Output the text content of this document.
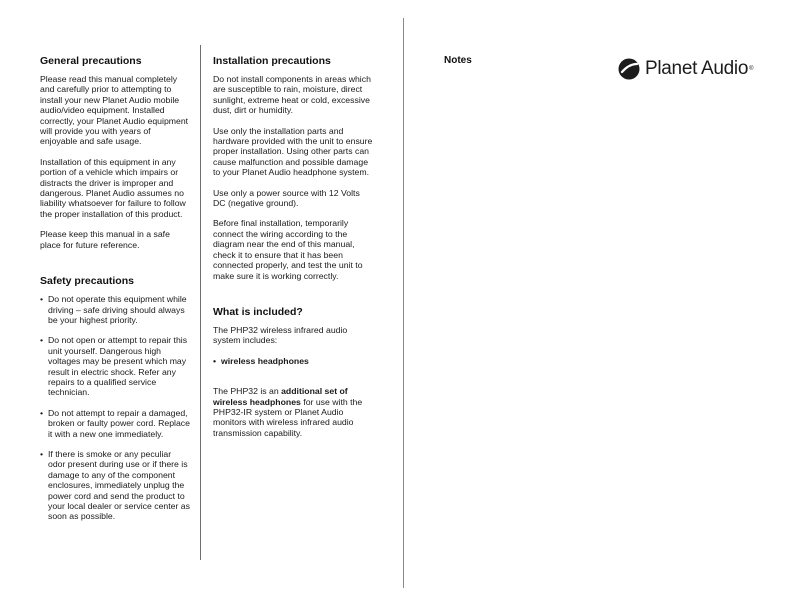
General precautions

Please read this manual completely and carefully prior to attempting to install your new Planet Audio mobile audio/video equipment. Installed correctly, your Planet Audio equipment will provide you with years of enjoyable and safe usage.

Installation of this equipment in any portion of a vehicle which impairs or distracts the driver is improper and dangerous. Planet Audio assumes no liability whatsoever for failure to follow the proper installation of this product.

Please keep this manual in a safe place for future reference.

Safety precautions
• Do not operate this equipment while driving – safe driving should always be your highest priority.
• Do not open or attempt to repair this unit yourself. Dangerous high voltages may be present which may result in electric shock. Refer any repairs to a qualified service technician.
• Do not attempt to repair a damaged, broken or faulty power cord. Replace it with a new one immediately.
• If there is smoke or any peculiar odor present during use or if there is damage to any of the component enclosures, immediately unplug the power cord and send the product to your local dealer or service center as soon as possible.
Installation precautions

Do not install components in areas which are susceptible to rain, moisture, direct sunlight, extreme heat or cold, excessive dust, dirt or humidity.

Use only the installation parts and hardware provided with the unit to ensure proper installation. Using other parts can cause malfunction and possible damage to your Planet Audio headphone system.

Use only a power source with 12 Volts DC (negative ground).

Before final installation, temporarily connect the wiring according to the diagram near the end of this manual, check it to ensure that it has been connected properly, and test the unit to make sure it is working correctly.

What is included?

The PHP32 wireless infrared audio system includes:

• wireless headphones

The PHP32 is an additional set of wireless headphones for use with the PHP32-IR system or Planet Audio monitors with wireless infrared audio transmission capability.

Notes	Planet Audio ®
